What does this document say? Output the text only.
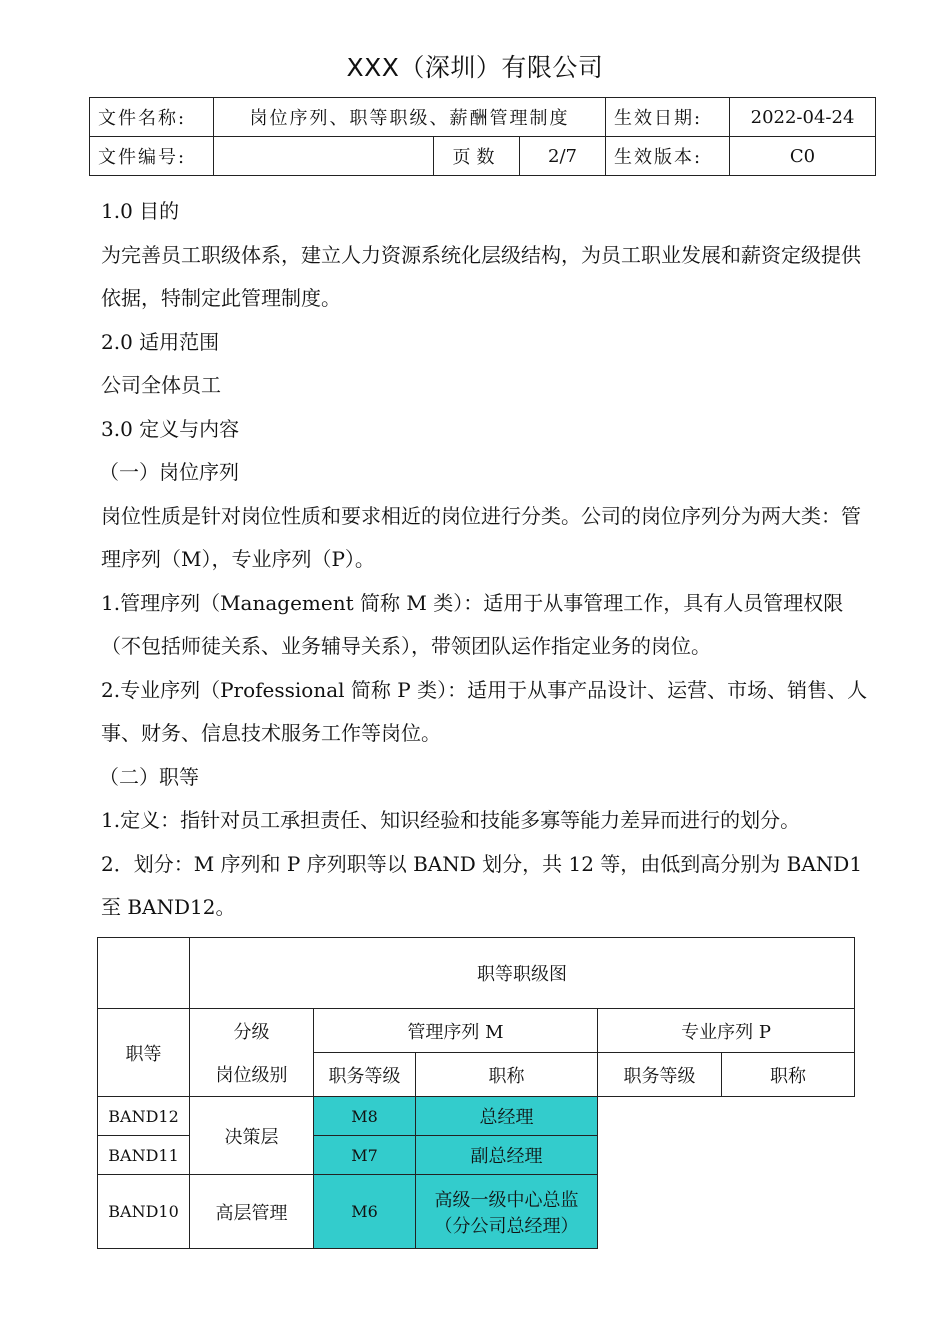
XXX（深圳）有限公司
文件名称:	岗位序列、职等职级、薪酬管理制度			生效日期:	2022-04-24
文件编号:		页数	2/7	生效版本:	C0

1.0 目的

为完善员工职级体系，建立人力资源系统化层级结构，为员工职业发展和薪资定级提供依据，特制定此管理制度。

2.0 适用范围

公司全体员工

3.0 定义与内容

（一）岗位序列

岗位性质是针对岗位性质和要求相近的岗位进行分类。公司的岗位序列分为两大类：管理序列（M），专业序列（P）。

1.管理序列（Management 简称 M 类）：适用于从事管理工作，具有人员管理权限（不包括师徒关系、业务辅导关系），带领团队运作指定业务的岗位。

2.专业序列（Professional 简称 P 类）：适用于从事产品设计、运营、市场、销售、人事、财务、信息技术服务工作等岗位。

（二）职等

1.定义：指针对员工承担责任、知识经验和技能多寡等能力差异而进行的划分。

2．划分：M 序列和 P 序列职等以 BAND 划分，共 12 等，由低到高分别为 BAND1 至 BAND12。

	职等职级图				
职等	分级	管理序列 M		专业序列 P	
	岗位级别	职务等级	职称	职务等级	职称
BAND12	决策层	M8	总经理		
BAND11		M7	副总经理		
BAND10	高层管理	M6	高级一级中心总监
（分公司总经理）		
